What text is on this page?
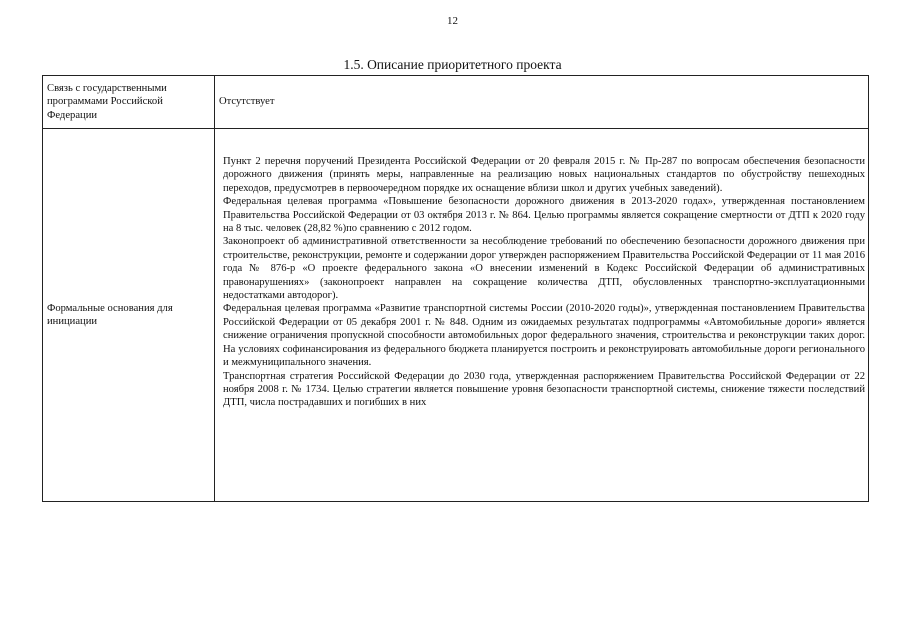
12
1.5. Описание приоритетного проекта
Связь с государственными программами Российской Федерации	Отсутствует
Формальные основания для инициации	Пункт 2 перечня поручений Президента Российской Федерации от 20 февраля 2015 г. № Пр-287 по вопросам обеспечения безопасности дорожного движения (принять меры, направленные на реализацию новых национальных стандартов по обустройству пешеходных переходов, предусмотрев в первоочередном порядке их оснащение вблизи школ и других учебных заведений).

Федеральная целевая программа «Повышение безопасности дорожного движения в 2013-2020 годах», утвержденная постановлением Правительства Российской Федерации от 03 октября 2013 г. № 864. Целью программы является сокращение смертности от ДТП к 2020 году на 8 тыс. человек (28,82 %)по сравнению с 2012 годом.

Законопроект об административной ответственности за несоблюдение требований по обеспечению безопасности дорожного движения при строительстве, реконструкции, ремонте и содержании дорог утвержден распоряжением Правительства Российской Федерации от 11 мая 2016 года № 876-р «О проекте федерального закона «О внесении изменений в Кодекс Российской Федерации об административных правонарушениях» (законопроект направлен на сокращение количества ДТП, обусловленных транспортно-эксплуатационными недостатками автодорог).

Федеральная целевая программа «Развитие транспортной системы России (2010-2020 годы)», утвержденная постановлением Правительства Российской Федерации от 05 декабря 2001 г. № 848. Одним из ожидаемых результатах подпрограммы «Автомобильные дороги» является снижение ограничения пропускной способности автомобильных дорог федерального значения, строительства и реконструкции таких дорог. На условиях софинансирования из федерального бюджета планируется построить и реконструировать автомобильные дороги регионального и межмуниципального значения.

Транспортная стратегия Российской Федерации до 2030 года, утвержденная распоряжением Правительства Российской Федерации от 22 ноября 2008 г. № 1734. Целью стратегии является повышение уровня безопасности транспортной системы, снижение тяжести последствий ДТП, числа пострадавших и погибших в них
